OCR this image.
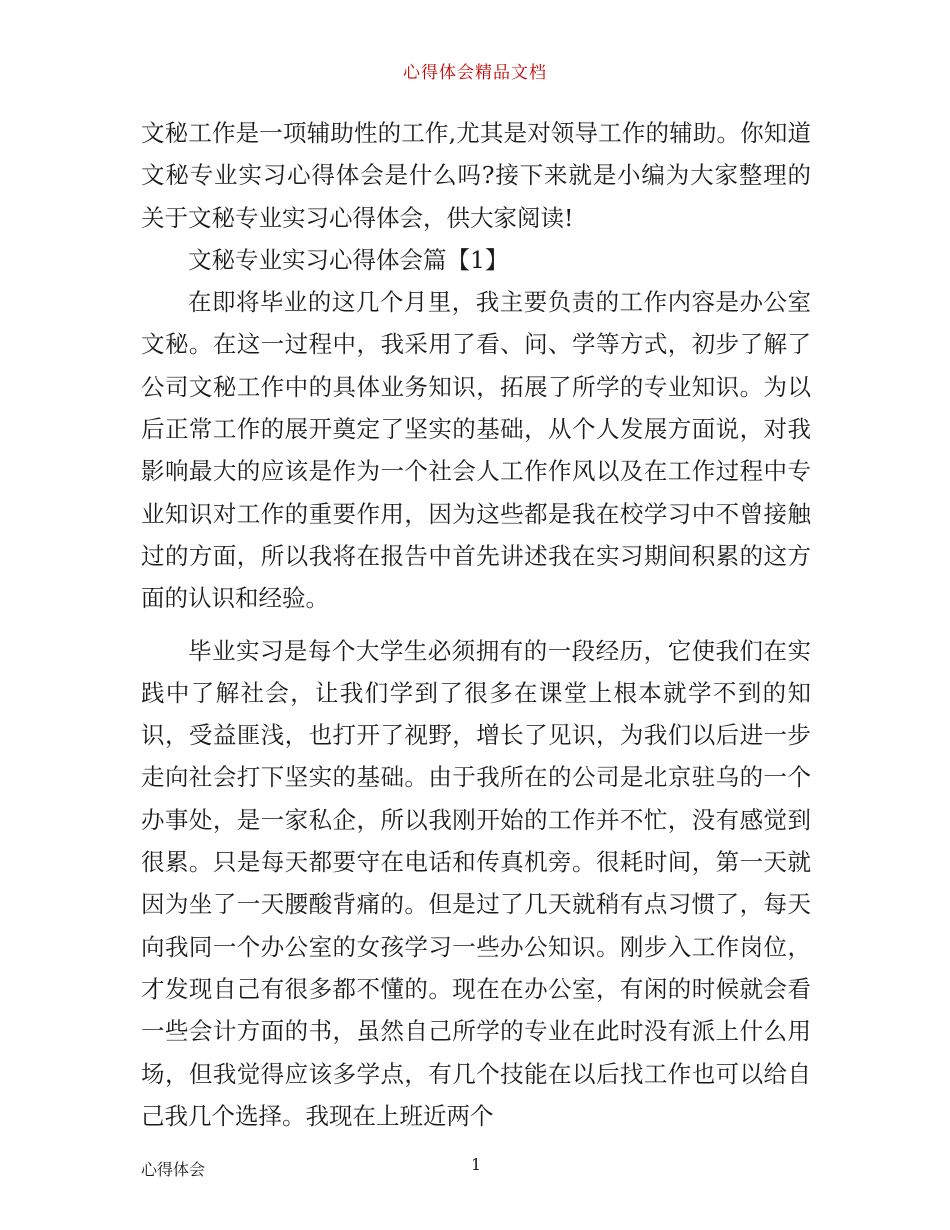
心得体会精品文档

文秘工作是一项辅助性的工作,尤其是对领导工作的辅助。你知道文秘专业实习心得体会是什么吗?接下来就是小编为大家整理的关于文秘专业实习心得体会，供大家阅读!

文秘专业实习心得体会篇【1】

在即将毕业的这几个月里，我主要负责的工作内容是办公室文秘。在这一过程中，我采用了看、问、学等方式，初步了解了公司文秘工作中的具体业务知识，拓展了所学的专业知识。为以后正常工作的展开奠定了坚实的基础，从个人发展方面说，对我影响最大的应该是作为一个社会人工作作风以及在工作过程中专业知识对工作的重要作用，因为这些都是我在校学习中不曾接触过的方面，所以我将在报告中首先讲述我在实习期间积累的这方面的认识和经验。

毕业实习是每个大学生必须拥有的一段经历，它使我们在实践中了解社会，让我们学到了很多在课堂上根本就学不到的知识，受益匪浅，也打开了视野，增长了见识，为我们以后进一步走向社会打下坚实的基础。由于我所在的公司是北京驻乌的一个办事处，是一家私企，所以我刚开始的工作并不忙，没有感觉到很累。只是每天都要守在电话和传真机旁。很耗时间，第一天就因为坐了一天腰酸背痛的。但是过了几天就稍有点习惯了，每天向我同一个办公室的女孩学习一些办公知识。刚步入工作岗位，才发现自己有很多都不懂的。现在在办公室，有闲的时候就会看一些会计方面的书，虽然自己所学的专业在此时没有派上什么用场，但我觉得应该多学点，有几个技能在以后找工作也可以给自己我几个选择。我现在上班近两个

心得体会	1
